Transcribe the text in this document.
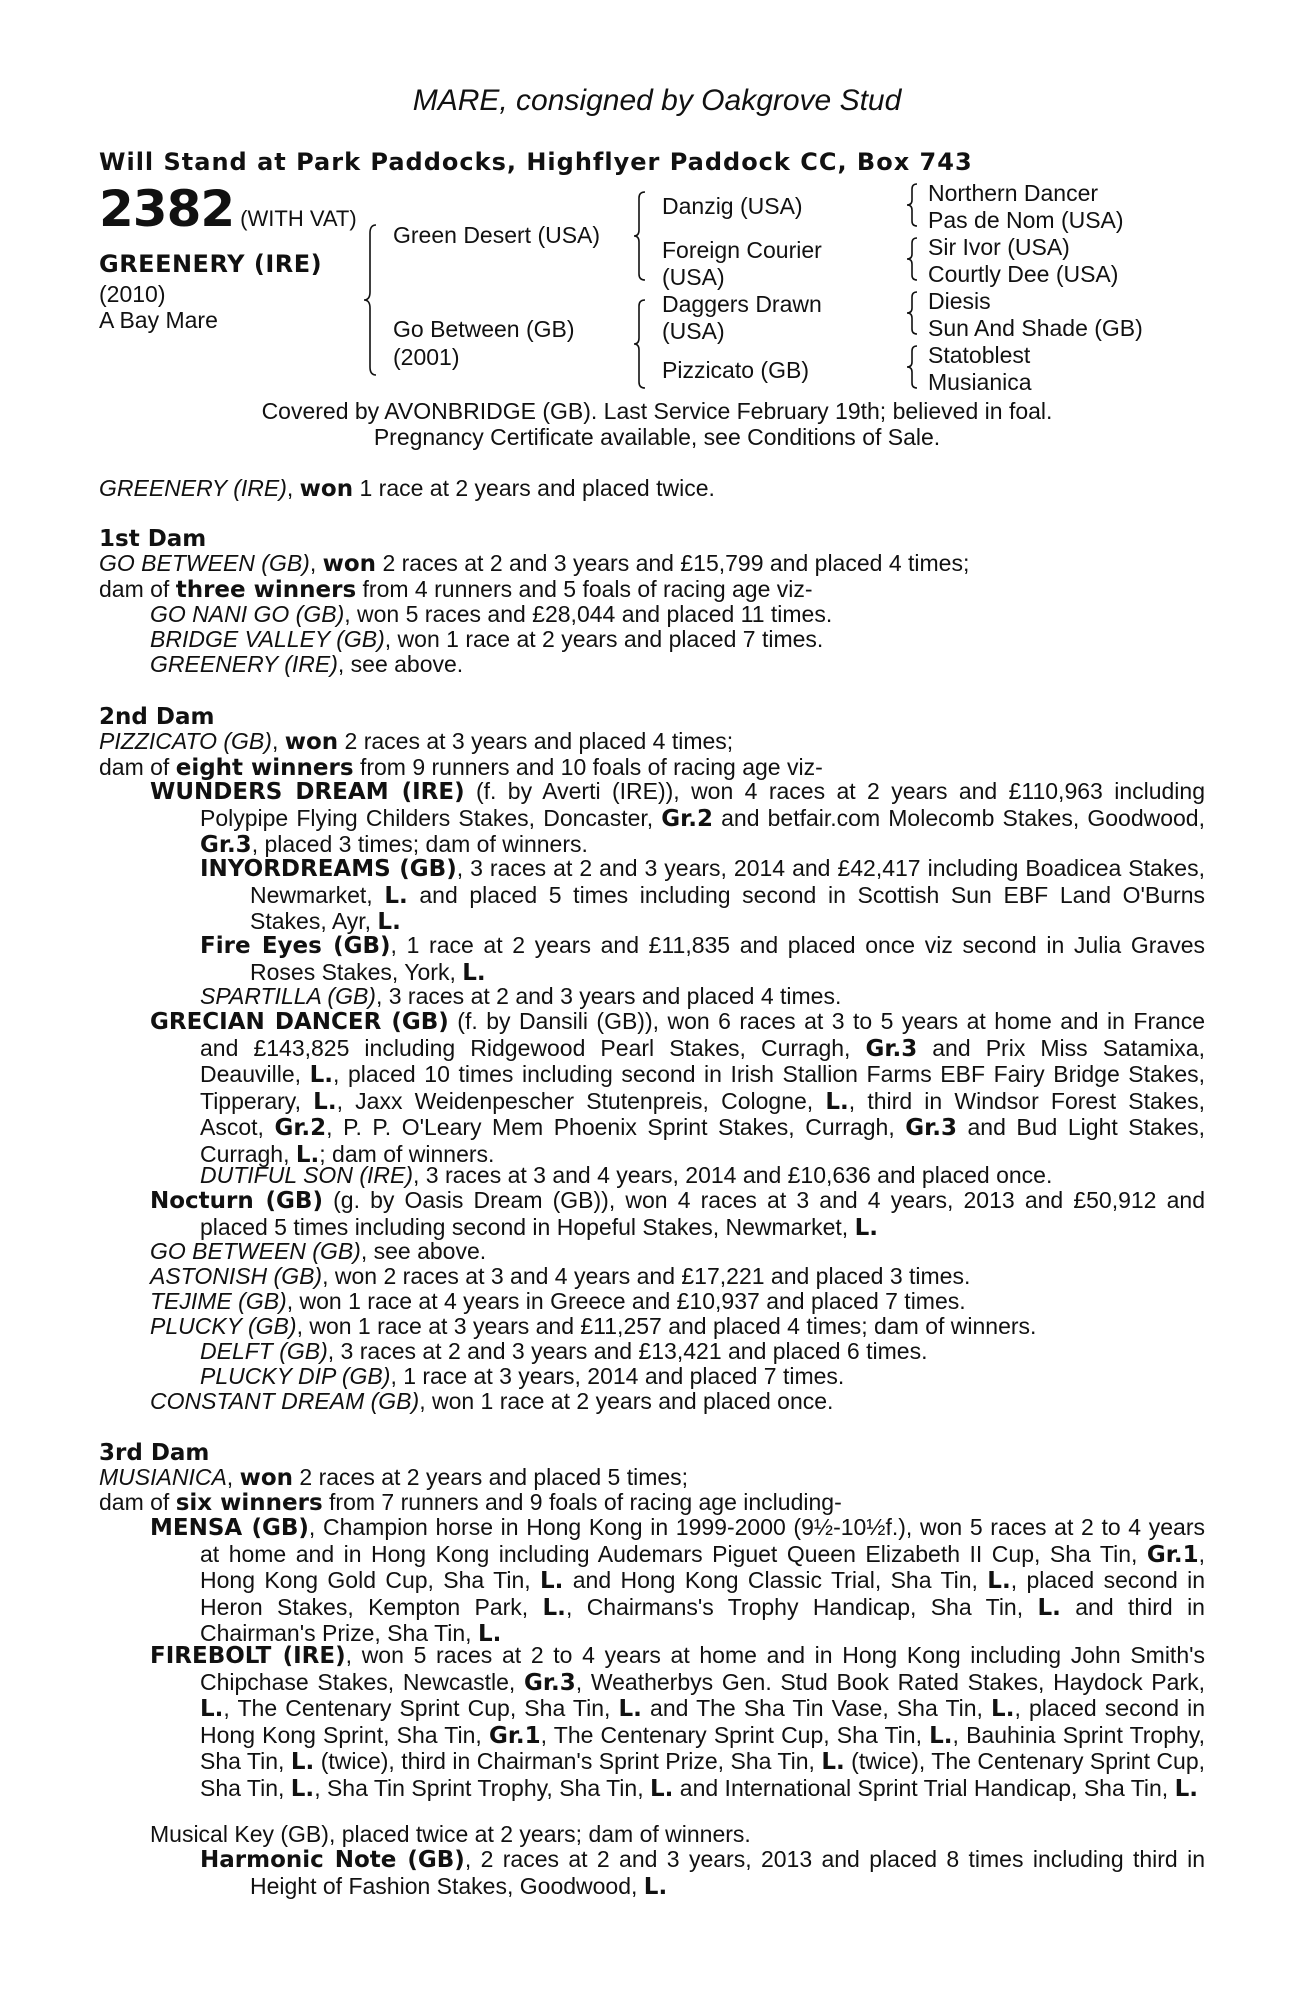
MARE, consigned by Oakgrove Stud
Will Stand at Park Paddocks, Highflyer Paddock CC, Box 743
2382 (WITH VAT)
GREENERY (IRE)
(2010)
A Bay Mare
Green Desert (USA)
Go Between (GB)
(2001)
Danzig (USA)
Foreign Courier
(USA)
Daggers Drawn
(USA)
Pizzicato (GB)
Northern Dancer
Pas de Nom (USA)
Sir Ivor (USA)
Courtly Dee (USA)
Diesis
Sun And Shade (GB)
Statoblest
Musianica
Covered by AVONBRIDGE (GB). Last Service February 19th; believed in foal.
Pregnancy Certificate available, see Conditions of Sale.
GREENERY (IRE), won 1 race at 2 years and placed twice.
1st Dam
GO BETWEEN (GB), won 2 races at 2 and 3 years and £15,799 and placed 4 times;
dam of three winners from 4 runners and 5 foals of racing age viz-
GO NANI GO (GB), won 5 races and £28,044 and placed 11 times.
BRIDGE VALLEY (GB), won 1 race at 2 years and placed 7 times.
GREENERY (IRE), see above.
2nd Dam
PIZZICATO (GB), won 2 races at 3 years and placed 4 times;
dam of eight winners from 9 runners and 10 foals of racing age viz-
WUNDERS DREAM (IRE) (f. by Averti (IRE)), won 4 races at 2 years and £110,963 including Polypipe Flying Childers Stakes, Doncaster, Gr.2 and betfair.com Molecomb Stakes, Goodwood, Gr.3, placed 3 times; dam of winners.
INYORDREAMS (GB), 3 races at 2 and 3 years, 2014 and £42,417 including Boadicea Stakes, Newmarket, L. and placed 5 times including second in Scottish Sun EBF Land O'Burns Stakes, Ayr, L.
Fire Eyes (GB), 1 race at 2 years and £11,835 and placed once viz second in Julia Graves Roses Stakes, York, L.
SPARTILLA (GB), 3 races at 2 and 3 years and placed 4 times.
GRECIAN DANCER (GB) (f. by Dansili (GB)), won 6 races at 3 to 5 years at home and in France and £143,825 including Ridgewood Pearl Stakes, Curragh, Gr.3 and Prix Miss Satamixa, Deauville, L., placed 10 times including second in Irish Stallion Farms EBF Fairy Bridge Stakes, Tipperary, L., Jaxx Weidenpescher Stutenpreis, Cologne, L., third in Windsor Forest Stakes, Ascot, Gr.2, P. P. O'Leary Mem Phoenix Sprint Stakes, Curragh, Gr.3 and Bud Light Stakes, Curragh, L.; dam of winners.
DUTIFUL SON (IRE), 3 races at 3 and 4 years, 2014 and £10,636 and placed once.
Nocturn (GB) (g. by Oasis Dream (GB)), won 4 races at 3 and 4 years, 2013 and £50,912 and placed 5 times including second in Hopeful Stakes, Newmarket, L.
GO BETWEEN (GB), see above.
ASTONISH (GB), won 2 races at 3 and 4 years and £17,221 and placed 3 times.
TEJIME (GB), won 1 race at 4 years in Greece and £10,937 and placed 7 times.
PLUCKY (GB), won 1 race at 3 years and £11,257 and placed 4 times; dam of winners.
DELFT (GB), 3 races at 2 and 3 years and £13,421 and placed 6 times.
PLUCKY DIP (GB), 1 race at 3 years, 2014 and placed 7 times.
CONSTANT DREAM (GB), won 1 race at 2 years and placed once.
3rd Dam
MUSIANICA, won 2 races at 2 years and placed 5 times;
dam of six winners from 7 runners and 9 foals of racing age including-
MENSA (GB), Champion horse in Hong Kong in 1999-2000 (9½-10½f.), won 5 races at 2 to 4 years at home and in Hong Kong including Audemars Piguet Queen Elizabeth II Cup, Sha Tin, Gr.1, Hong Kong Gold Cup, Sha Tin, L. and Hong Kong Classic Trial, Sha Tin, L., placed second in Heron Stakes, Kempton Park, L., Chairmans's Trophy Handicap, Sha Tin, L. and third in Chairman's Prize, Sha Tin, L.
FIREBOLT (IRE), won 5 races at 2 to 4 years at home and in Hong Kong including John Smith's Chipchase Stakes, Newcastle, Gr.3, Weatherbys Gen. Stud Book Rated Stakes, Haydock Park, L., The Centenary Sprint Cup, Sha Tin, L. and The Sha Tin Vase, Sha Tin, L., placed second in Hong Kong Sprint, Sha Tin, Gr.1, The Centenary Sprint Cup, Sha Tin, L., Bauhinia Sprint Trophy, Sha Tin, L. (twice), third in Chairman's Sprint Prize, Sha Tin, L. (twice), The Centenary Sprint Cup, Sha Tin, L., Sha Tin Sprint Trophy, Sha Tin, L. and International Sprint Trial Handicap, Sha Tin, L.
Musical Key (GB), placed twice at 2 years; dam of winners.
Harmonic Note (GB), 2 races at 2 and 3 years, 2013 and placed 8 times including third in Height of Fashion Stakes, Goodwood, L.
